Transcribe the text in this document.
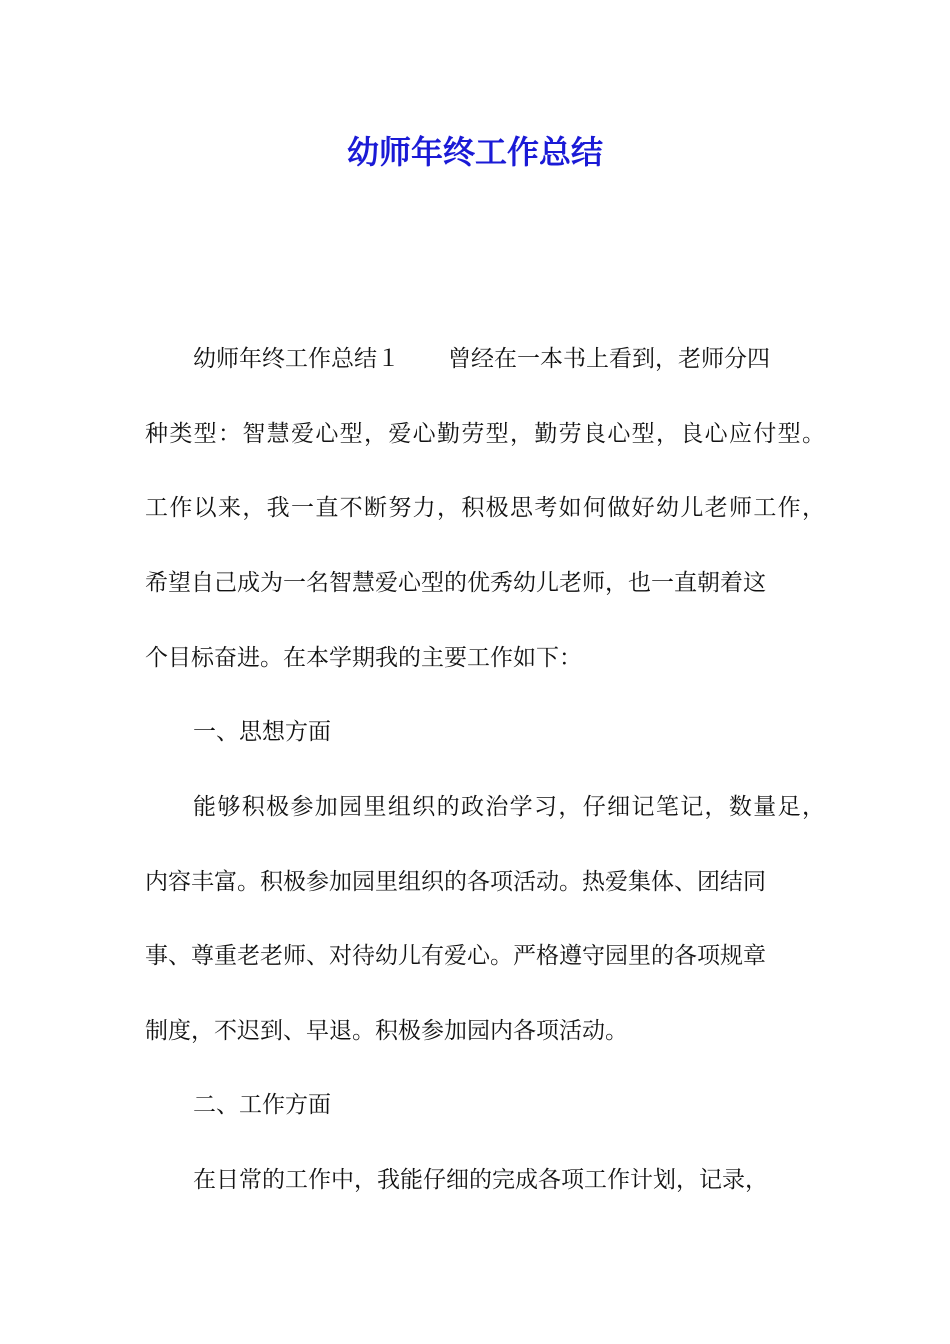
幼师年终工作总结

幼师年终工作总结１ 曾经在一本书上看到，老师分四

种类型：智慧爱心型，爱心勤劳型，勤劳良心型，良心应付型。

工作以来，我一直不断努力，积极思考如何做好幼儿老师工作，

希望自己成为一名智慧爱心型的优秀幼儿老师，也一直朝着这

个目标奋进。在本学期我的主要工作如下：

一、思想方面

能够积极参加园里组织的政治学习，仔细记笔记，数量足，

内容丰富。积极参加园里组织的各项活动。热爱集体、团结同

事、尊重老老师、对待幼儿有爱心。严格遵守园里的各项规章

制度，不迟到、早退。积极参加园内各项活动。

二、工作方面

在日常的工作中，我能仔细的完成各项工作计划，记录，
